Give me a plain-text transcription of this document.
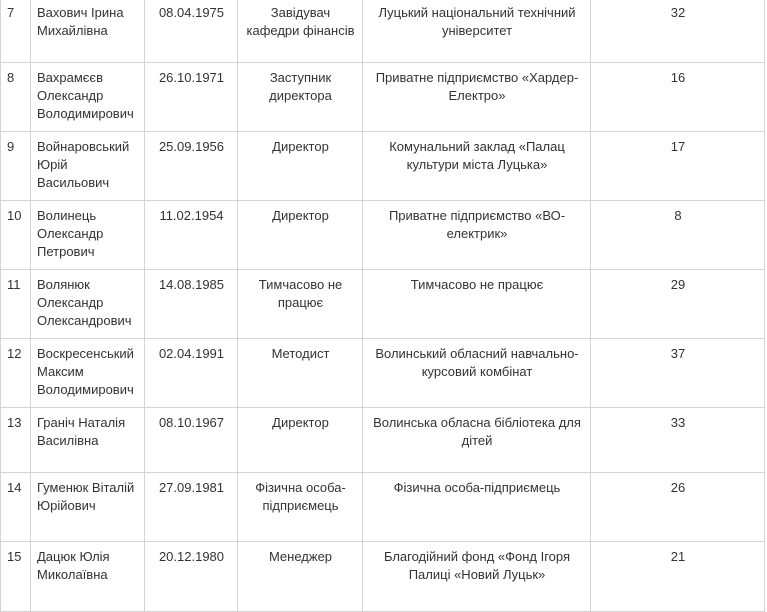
7	Вахович Ірина Михайлівна	08.04.1975	Завідувач кафедри фінансів	Луцький національний технічний університет	32
8	Вахрамєєв Олександр Володимирович	26.10.1971	Заступник директора	Приватне підприємство «Хардер-Електро»	16
9	Войнаровський Юрій Васильович	25.09.1956	Директор	Комунальний заклад «Палац культури міста Луцька»	17
10	Волинець Олександр Петрович	11.02.1954	Директор	Приватне підприємство «ВО-електрик»	8
11	Волянюк Олександр Олександрович	14.08.1985	Тимчасово не працює	Тимчасово не працює	29
12	Воскресенський Максим Володимирович	02.04.1991	Методист	Волинський обласний навчально-курсовий комбінат	37
13	Граніч Наталія Василівна	08.10.1967	Директор	Волинська обласна бібліотека для дітей	33
14	Гуменюк Віталій Юрійович	27.09.1981	Фізична особа-підприємець	Фізична особа-підприємець	26
15	Дацюк Юлія Миколаївна	20.12.1980	Менеджер	Благодійний фонд «Фонд Ігоря Палиці «Новий Луцьк»	21
